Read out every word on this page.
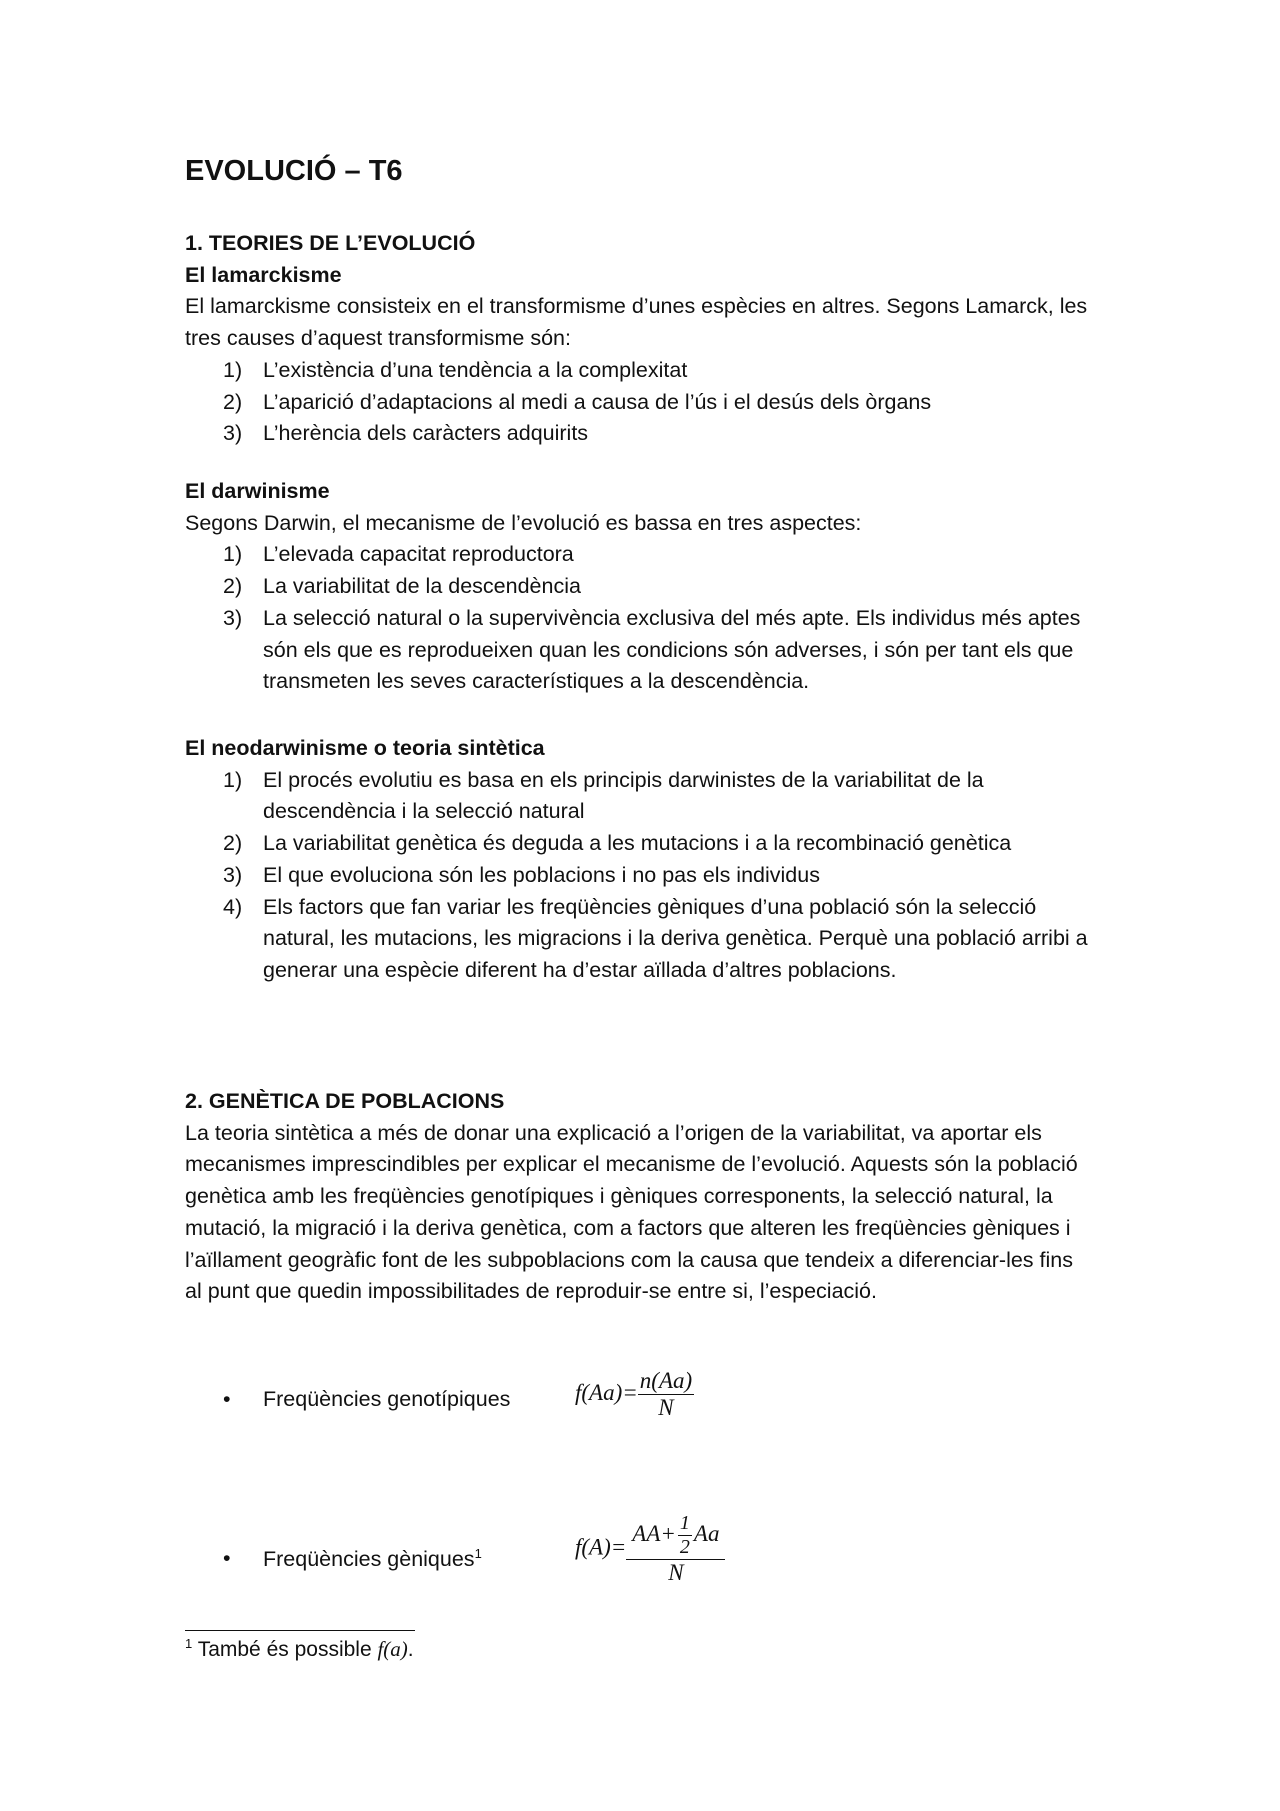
EVOLUCIÓ – T6
1. TEORIES DE L’EVOLUCIÓ
El lamarckisme

El lamarckisme consisteix en el transformisme d’unes espècies en altres. Segons Lamarck, les tres causes d’aquest transformisme són:

1) L’existència d’una tendència a la complexitat
2) L’aparició d’adaptacions al medi a causa de l’ús i el desús dels òrgans
3) L’herència dels caràcters adquirits
El darwinisme

Segons Darwin, el mecanisme de l’evolució es bassa en tres aspectes:

1) L’elevada capacitat reproductora
2) La variabilitat de la descendència
3) La selecció natural o la supervivència exclusiva del més apte. Els individus més aptes són els que es reprodueixen quan les condicions són adverses, i són per tant els que transmeten les seves característiques a la descendència.
El neodarwinisme o teoria sintètica
1) El procés evolutiu es basa en els principis darwinistes de la variabilitat de la descendència i la selecció natural
2) La variabilitat genètica és deguda a les mutacions i a la recombinació genètica
3) El que evoluciona són les poblacions i no pas els individus
4) Els factors que fan variar les freqüències gèniques d’una població són la selecció natural, les mutacions, les migracions i la deriva genètica. Perquè una població arribi a generar una espècie diferent ha d’estar aïllada d’altres poblacions.
2. GENÈTICA DE POBLACIONS

La teoria sintètica a més de donar una explicació a l’origen de la variabilitat, va aportar els mecanismes imprescindibles per explicar el mecanisme de l’evolució. Aquests són la població genètica amb les freqüències genotípiques i gèniques corresponents, la selecció natural, la mutació, la migració i la deriva genètica, com a factors que alteren les freqüències gèniques i l’aïllament geogràfic font de les subpoblacions com la causa que tendeix a diferenciar-les fins al punt que quedin impossibilitades de reproduir-se entre si, l’especiació.

• Freqüències genotípiques	$f(Aa)= \frac{n(Aa)}{N}$
• Freqüències gèniques$^1$	$f(A)= \frac{AA+ \frac{1}{2} Aa}{N}$
$^1$ També és possible f(a).
